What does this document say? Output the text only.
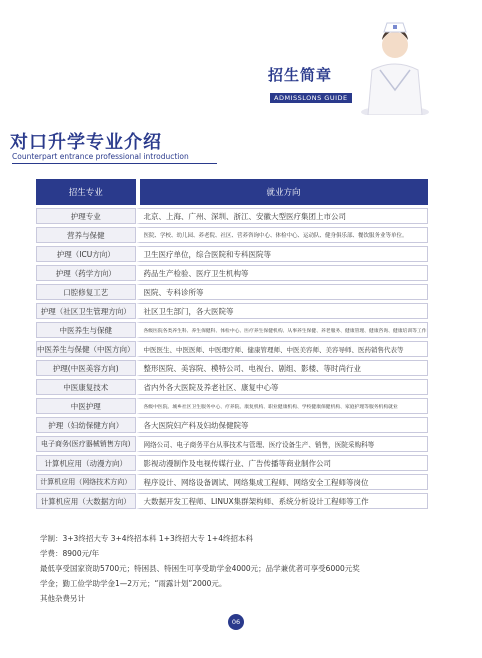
招生简章
ADMISSLONS GUIDE
对口升学专业介绍
Counterpart entrance professional introduction
招生专业	就业方向
护理专业	北京、上海、广州、深圳、浙江、安徽大型医疗集团上市公司
营养与保健	医院、学校、幼儿园、养老院、社区、营养咨询中心、体检中心、运动队、健身俱乐部、餐饮服务业等单位。
护理（ICU方向）	卫生医疗单位，综合医院和专科医院等
护理（药学方向）	药品生产检验、医疗卫生机构等
口腔修复工艺	医院、专科诊所等
护理（社区卫生管理方向）	社区卫生部门，各大医院等
中医养生与保健	各级医院各类养生科、养生保健科、体检中心、医疗养生保健机构、从事养生保健、养老服务、健康管理、健康咨询、健康培训等工作
中医养生与保健（中医方向）	中医医生、中医医师、中医理疗师、健康管理师、中医美容师、美容导师、医药销售代表等
护理(中医美容方向)	整形医院、美容院、模特公司、电视台、剧组、影楼、等时尚行业
中医康复技术	省内外各大医院及养老社区、康复中心等
中医护理	各级中医院、城乡社区卫生服务中心、疗养院、康复机构、职业健康机构、学校健康保健机构、家庭护理等服务机构就业
护理（妇幼保健方向）	各大医院妇产科及妇幼保健院等
电子商务(医疗器械销售方向)	网络公司、电子商务平台从事技术与管理、医疗设备生产、销售，医院采购科等
计算机应用（动漫方向）	影视动漫制作及电视传媒行业、广告传播等商业制作公司
计算机应用（网络技术方向）	程序设计、网络设备调试、网络集成工程师、网络安全工程师等岗位
计算机应用（大数据方向）	大数据开发工程师、LINUX集群架构师、系统分析设计工程师等工作

学制：3+3终招大专 3+4终招本科 1+3终招大专 1+4终招本科

学费：8900元/年

最低享受国家资助5700元；特困县、特困生可享受助学金4000元；品学兼优者可享受6000元奖

学金；勤工俭学助学金1—2万元；“雨露计划”2000元。

其他杂费另计

06
